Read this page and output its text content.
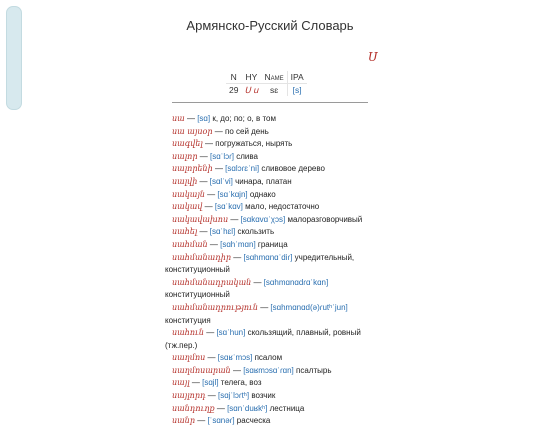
Армянско-Русский Словарь
Ս
N	HY	Name	IPA
29	Ս ս	sɛ	[s]
սա — [sɑ] к, до; по; о, в том
սա այսօր — по сей день
սագվել — погружаться, нырять
սալոր — [sɑˈlɔɾ] слива
սալորենի — [sɑlɔɾɛˈni] сливовое дерево
սալվի — [sɑlˈvi] чинара, платан
սակայն — [sɑˈkɑjn] однако
սակավ — [sɑˈkɑv] мало, недостаточно
սակավախոս — [sɑkɑvɑˈχɔs] малоразговорчивый
սահել — [sɑˈhɛl] скользить
սահման — [sɑhˈmɑn] граница
սահմանադիր — [sɑhmɑnɑˈdiɾ] учредительный, конституционный
սահմանադրական — [sɑhmɑnɑdɾɑˈkɑn] конституционный
սահմանադրություն — [sɑhmɑnɑd(ə)ɾutʰˈjun] конституция
սահուն — [sɑˈhun] скользящий, плавный, ровный (тж.пер.)
սաղմոս — [sɑʁˈmɔs] псалом
սաղմոսարան — [sɑʁmɔsɑˈɾɑn] псалтырь
սայլ — [sɑjl] телега, воз
սայլորդ — [sɑjˈlɔɾtʰ] возчик
սանդուղք — [sɑnˈduʁkʰ] лестница
սանր — [ˈsɑnəɾ] расческа
